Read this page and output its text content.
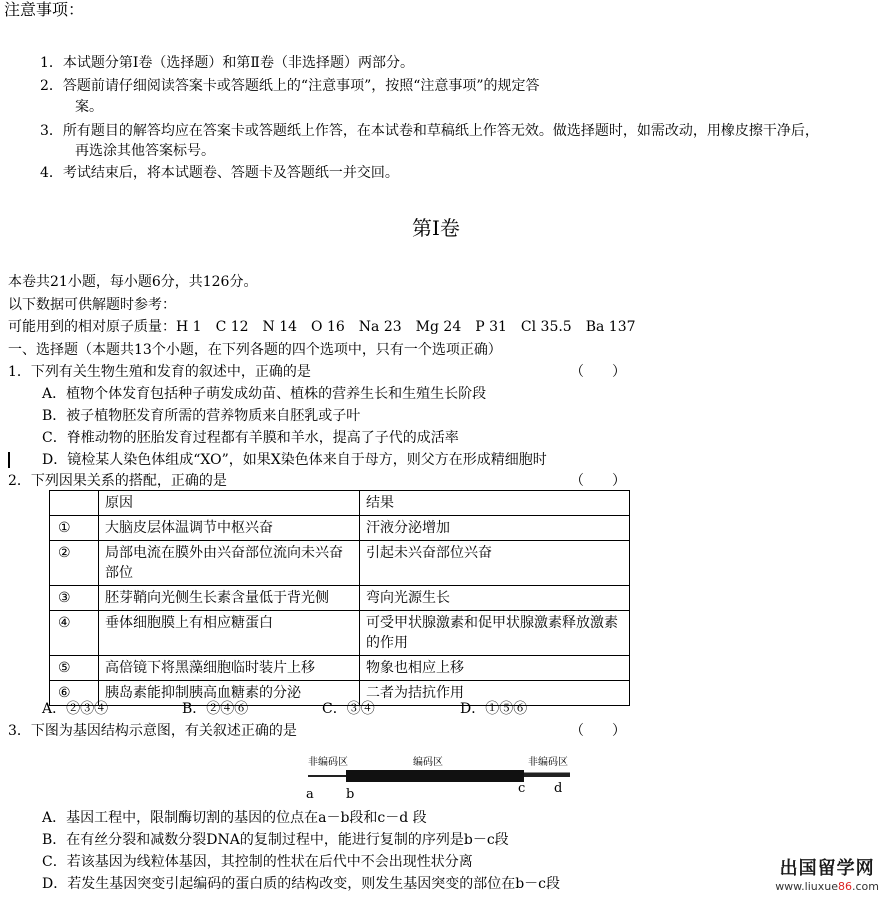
注意事项：
1．本试题分第Ⅰ卷（选择题）和第Ⅱ卷（非选择题）两部分。
2．答题前请仔细阅读答案卡或答题纸上的“注意事项”，按照“注意事项”的规定答
案。
3．所有题目的解答均应在答案卡或答题纸上作答，在本试卷和草稿纸上作答无效。做选择题时，如需改动，用橡皮擦干净后，
再选涂其他答案标号。
4．考试结束后，将本试题卷、答题卡及答题纸一并交回。
第Ⅰ卷
本卷共21小题，每小题6分，共126分。
以下数据可供解题时参考：
可能用到的相对原子质量：H 1　C 12　N 14　O 16　Na 23　Mg 24　P 31　Cl 35.5　Ba 137
一、选择题（本题共13个小题，在下列各题的四个选项中，只有一个选项正确）
1．下列有关生物生殖和发育的叙述中，正确的是	（　　）
A．植物个体发育包括种子萌发成幼苗、植株的营养生长和生殖生长阶段
B．被子植物胚发育所需的营养物质来自胚乳或子叶
C．脊椎动物的胚胎发育过程都有羊膜和羊水，提高了子代的成活率
D．镜检某人染色体组成“XO”，如果X染色体来自于母方，则父方在形成精细胞时
2．下列因果关系的搭配，正确的是	（　　）
	原因	结果
①	大脑皮层体温调节中枢兴奋	汗液分泌增加
②	局部电流在膜外由兴奋部位流向未兴奋部位	引起未兴奋部位兴奋
③	胚芽鞘向光侧生长素含量低于背光侧	弯向光源生长
④	垂体细胞膜上有相应糖蛋白	可受甲状腺激素和促甲状腺激素释放激素的作用
⑤	高倍镜下将黑藻细胞临时装片上移	物象也相应上移
⑥	胰岛素能抑制胰高血糖素的分泌	二者为拮抗作用
A．②③④	B．②④⑥	C．③④	D．①⑤⑥
3．下图为基因结构示意图，有关叙述正确的是	（　　）
非编码区	编码区	非编码区
a b	c d
A．基因工程中，限制酶切割的基因的位点在a－b段和c－d 段
B．在有丝分裂和减数分裂DNA的复制过程中，能进行复制的序列是b－c段
C．若该基因为线粒体基因，其控制的性状在后代中不会出现性状分离
D．若发生基因突变引起编码的蛋白质的结构改变，则发生基因突变的部位在b－c段
出国留学网
www.liuxue86.com
